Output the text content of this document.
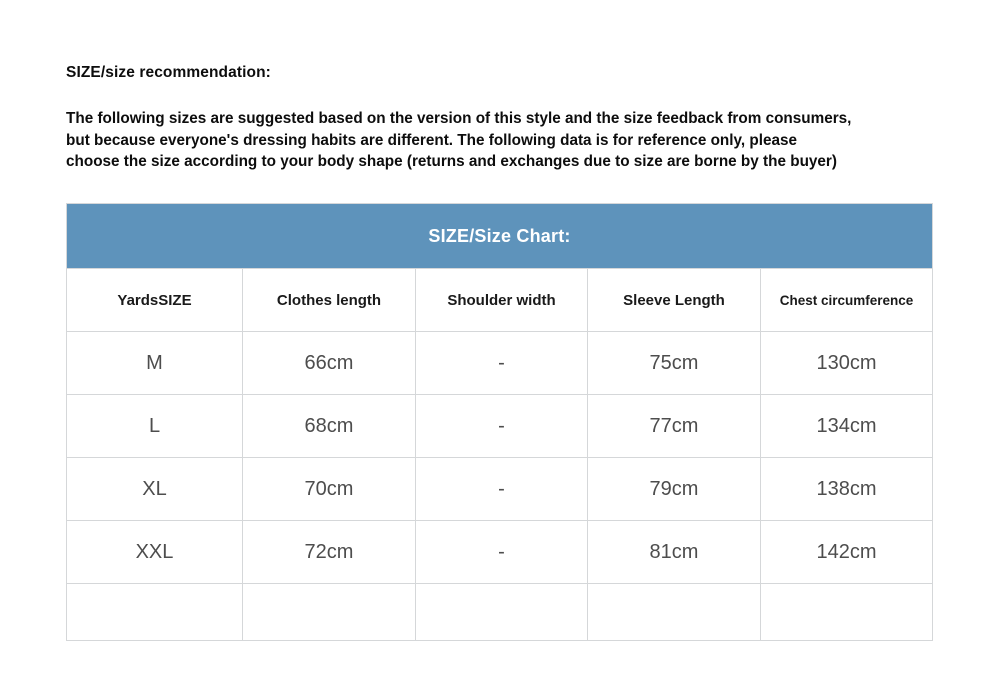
SIZE/size recommendation:

The following sizes are suggested based on the version of this style and the size feedback from consumers,
but because everyone's dressing habits are different. The following data is for reference only, please
choose the size according to your body shape (returns and exchanges due to size are borne by the buyer)
SIZE/Size Chart:				
YardsSIZE	Clothes length	Shoulder width	Sleeve Length	Chest circumference
M	66cm	-	75cm	130cm
L	68cm	-	77cm	134cm
XL	70cm	-	79cm	138cm
XXL	72cm	-	81cm	142cm
